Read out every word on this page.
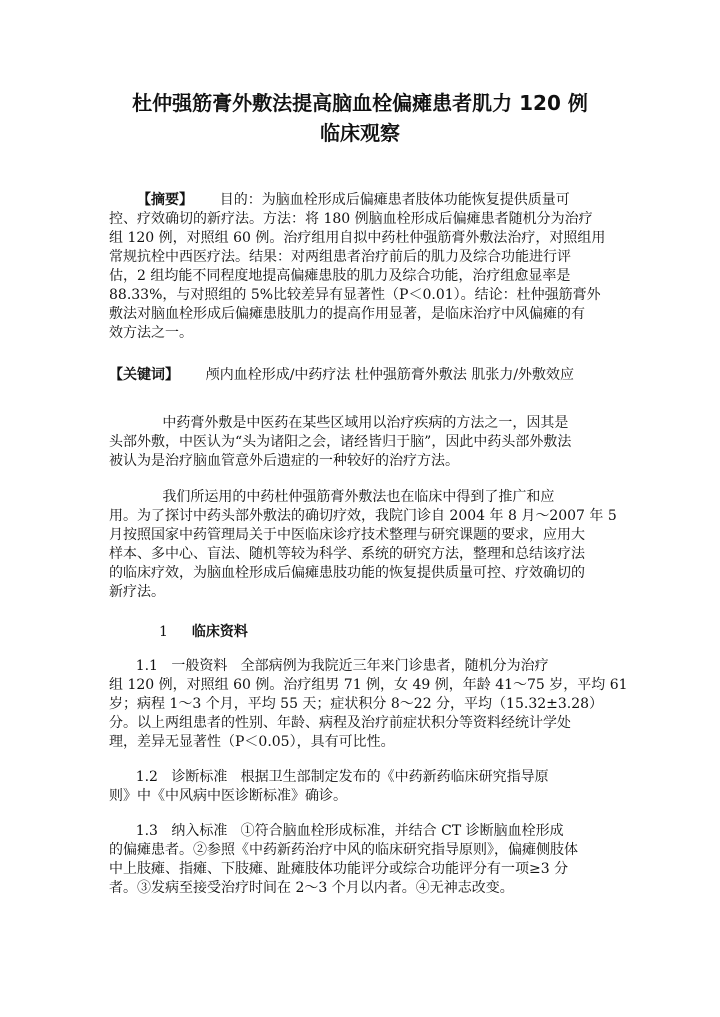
杜仲强筋膏外敷法提高脑血栓偏瘫患者肌力 120 例
临床观察
【摘要】      目的：为脑血栓形成后偏瘫患者肢体功能恢复提供质量可
控、疗效确切的新疗法。方法：将 180 例脑血栓形成后偏瘫患者随机分为治疗
组 120 例，对照组 60 例。治疗组用自拟中药杜仲强筋膏外敷法治疗，对照组用
常规抗栓中西医疗法。结果：对两组患者治疗前后的肌力及综合功能进行评
估，2 组均能不同程度地提高偏瘫患肢的肌力及综合功能，治疗组愈显率是
88.33%，与对照组的 5%比较差异有显著性（P＜0.01）。结论：杜仲强筋膏外
敷法对脑血栓形成后偏瘫患肢肌力的提高作用显著，是临床治疗中风偏瘫的有
效方法之一。
【关键词】      颅内血栓形成/中药疗法 杜仲强筋膏外敷法 肌张力/外敷效应
中药膏外敷是中医药在某些区域用以治疗疾病的方法之一，因其是
头部外敷，中医认为“头为诸阳之会，诸经皆归于脑”，因此中药头部外敷法
被认为是治疗脑血管意外后遗症的一种较好的治疗方法。
我们所运用的中药杜仲强筋膏外敷法也在临床中得到了推广和应
用。为了探讨中药头部外敷法的确切疗效，我院门诊自 2004 年 8 月～2007 年 5
月按照国家中药管理局关于中医临床诊疗技术整理与研究课题的要求，应用大
样本、多中心、盲法、随机等较为科学、系统的研究方法，整理和总结该疗法
的临床疗效，为脑血栓形成后偏瘫患肢功能的恢复提供质量可控、疗效确切的
新疗法。
1 临床资料
1.1   一般资料   全部病例为我院近三年来门诊患者，随机分为治疗
组 120 例，对照组 60 例。治疗组男 71 例，女 49 例，年龄 41～75 岁，平均 61
岁；病程 1～3 个月，平均 55 天；症状积分 8～22 分，平均（15.32±3.28）
分。以上两组患者的性别、年龄、病程及治疗前症状积分等资料经统计学处
理，差异无显著性（P＜0.05），具有可比性。
1.2   诊断标准   根据卫生部制定发布的《中药新药临床研究指导原
则》中《中风病中医诊断标准》确诊。
1.3   纳入标准   ①符合脑血栓形成标准，并结合 CT 诊断脑血栓形成
的偏瘫患者。②参照《中药新药治疗中风的临床研究指导原则》，偏瘫侧肢体
中上肢瘫、指瘫、下肢瘫、趾瘫肢体功能评分或综合功能评分有一项≥3 分
者。③发病至接受治疗时间在 2～3 个月以内者。④无神志改变。
